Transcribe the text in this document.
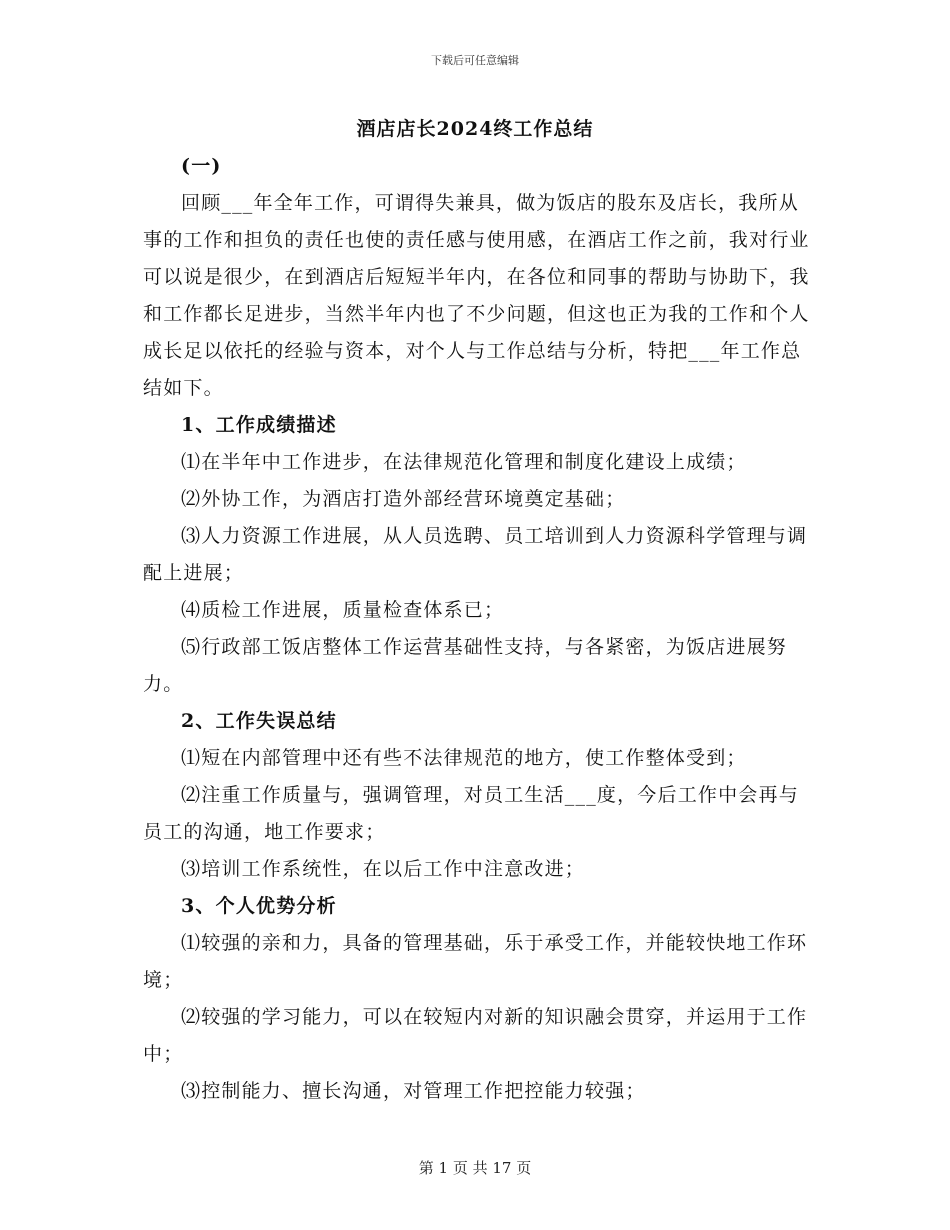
下载后可任意编辑
酒店店长2024终工作总结

(一)

回顾___年全年工作，可谓得失兼具，做为饭店的股东及店长，我所从事的工作和担负的责任也使的责任感与使用感，在酒店工作之前，我对行业可以说是很少，在到酒店后短短半年内，在各位和同事的帮助与协助下，我和工作都长足进步，当然半年内也了不少问题，但这也正为我的工作和个人成长足以依托的经验与资本，对个人与工作总结与分析，特把___年工作总结如下。

1、工作成绩描述

⑴在半年中工作进步，在法律规范化管理和制度化建设上成绩；

⑵外协工作，为酒店打造外部经营环境奠定基础；

⑶人力资源工作进展，从人员选聘、员工培训到人力资源科学管理与调配上进展；

⑷质检工作进展，质量检查体系已；

⑸行政部工饭店整体工作运营基础性支持，与各紧密，为饭店进展努力。

2、工作失误总结

⑴短在内部管理中还有些不法律规范的地方，使工作整体受到；

⑵注重工作质量与，强调管理，对员工生活___度，今后工作中会再与员工的沟通，地工作要求；

⑶培训工作系统性，在以后工作中注意改进；

3、个人优势分析

⑴较强的亲和力，具备的管理基础，乐于承受工作，并能较快地工作环境；

⑵较强的学习能力，可以在较短内对新的知识融会贯穿，并运用于工作中；

⑶控制能力、擅长沟通，对管理工作把控能力较强；

第 1 页 共 17 页
